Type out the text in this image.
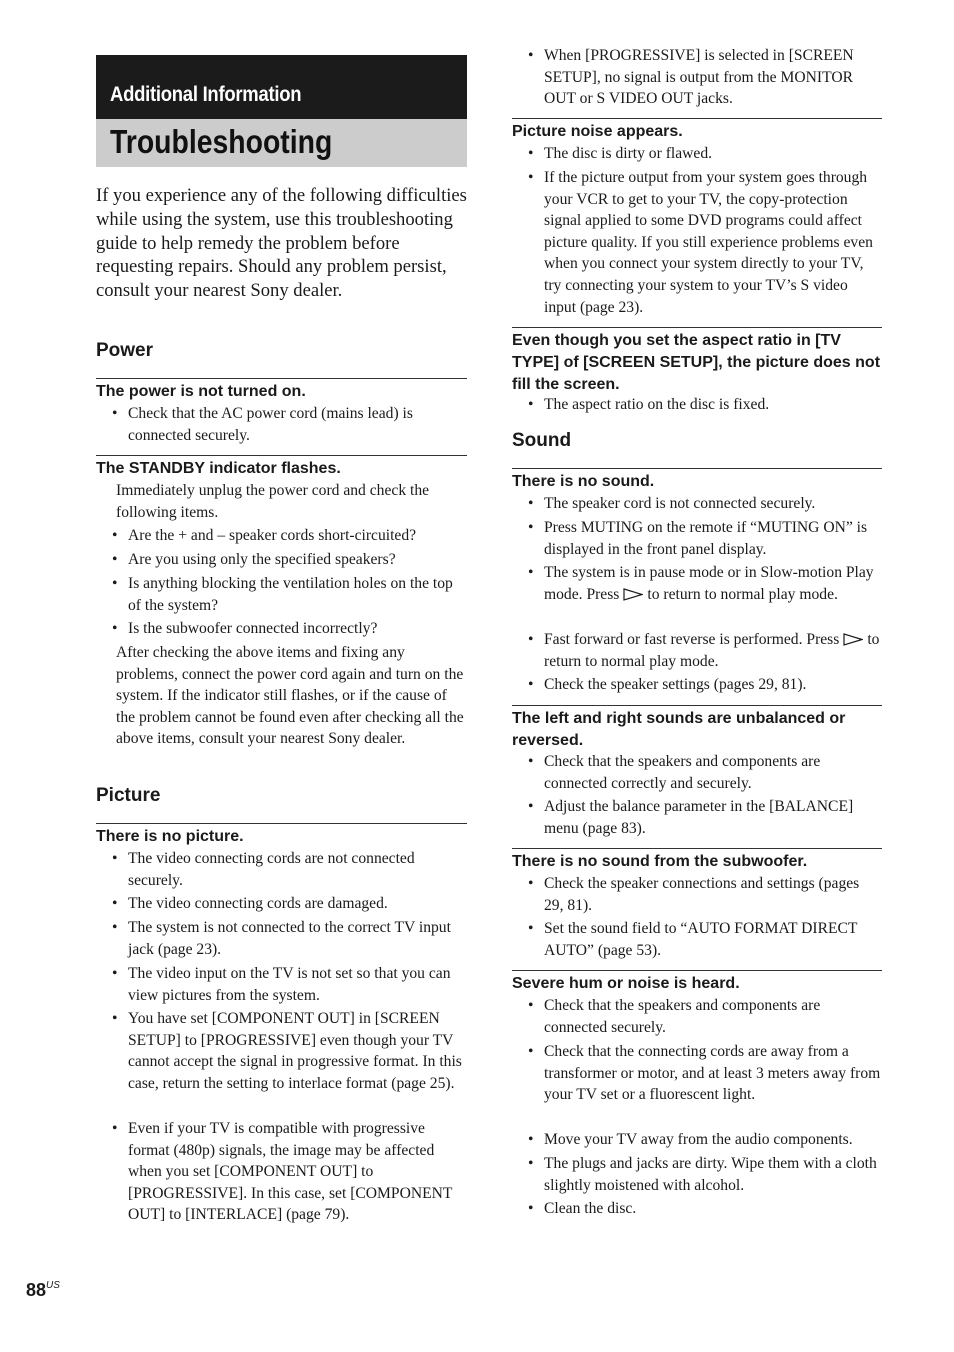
Additional Information
Troubleshooting
If you experience any of the following difficulties while using the system, use this troubleshooting guide to help remedy the problem before requesting repairs. Should any problem persist, consult your nearest Sony dealer.
Power
The power is not turned on.
• Check that the AC power cord (mains lead) is connected securely.
The STANDBY indicator flashes.
Immediately unplug the power cord and check the following items.
• Are the + and – speaker cords short-circuited?
• Are you using only the specified speakers?
• Is anything blocking the ventilation holes on the top of the system?
• Is the subwoofer connected incorrectly?
After checking the above items and fixing any problems, connect the power cord again and turn on the system. If the indicator still flashes, or if the cause of the problem cannot be found even after checking all the above items, consult your nearest Sony dealer.
Picture
There is no picture.
• The video connecting cords are not connected securely.
• The video connecting cords are damaged.
• The system is not connected to the correct TV input jack (page 23).
• The video input on the TV is not set so that you can view pictures from the system.
• You have set [COMPONENT OUT] in [SCREEN SETUP] to [PROGRESSIVE] even though your TV cannot accept the signal in progressive format. In this case, return the setting to interlace format (page 25).
• Even if your TV is compatible with progressive format (480p) signals, the image may be affected when you set [COMPONENT OUT] to [PROGRESSIVE]. In this case, set [COMPONENT OUT] to [INTERLACE] (page 79).
• When [PROGRESSIVE] is selected in [SCREEN SETUP], no signal is output from the MONITOR OUT or S VIDEO OUT jacks.
Picture noise appears.
• The disc is dirty or flawed.
• If the picture output from your system goes through your VCR to get to your TV, the copy-protection signal applied to some DVD programs could affect picture quality. If you still experience problems even when you connect your system directly to your TV, try connecting your system to your TV’s S video input (page 23).
Even though you set the aspect ratio in [TV TYPE] of [SCREEN SETUP], the picture does not fill the screen.
• The aspect ratio on the disc is fixed.
Sound
There is no sound.
• The speaker cord is not connected securely.
• Press MUTING on the remote if “MUTING ON” is displayed in the front panel display.
• The system is in pause mode or in Slow-motion Play mode. Press to return to normal play mode.
• Fast forward or fast reverse is performed. Press to return to normal play mode.
• Check the speaker settings (pages 29, 81).
The left and right sounds are unbalanced or reversed.
• Check that the speakers and components are connected correctly and securely.
• Adjust the balance parameter in the [BALANCE] menu (page 83).
There is no sound from the subwoofer.
• Check the speaker connections and settings (pages 29, 81).
• Set the sound field to “AUTO FORMAT DIRECT AUTO” (page 53).
Severe hum or noise is heard.
• Check that the speakers and components are connected securely.
• Check that the connecting cords are away from a transformer or motor, and at least 3 meters away from your TV set or a fluorescent light.
• Move your TV away from the audio components.
• The plugs and jacks are dirty. Wipe them with a cloth slightly moistened with alcohol.
• Clean the disc.
$88^{US}$
